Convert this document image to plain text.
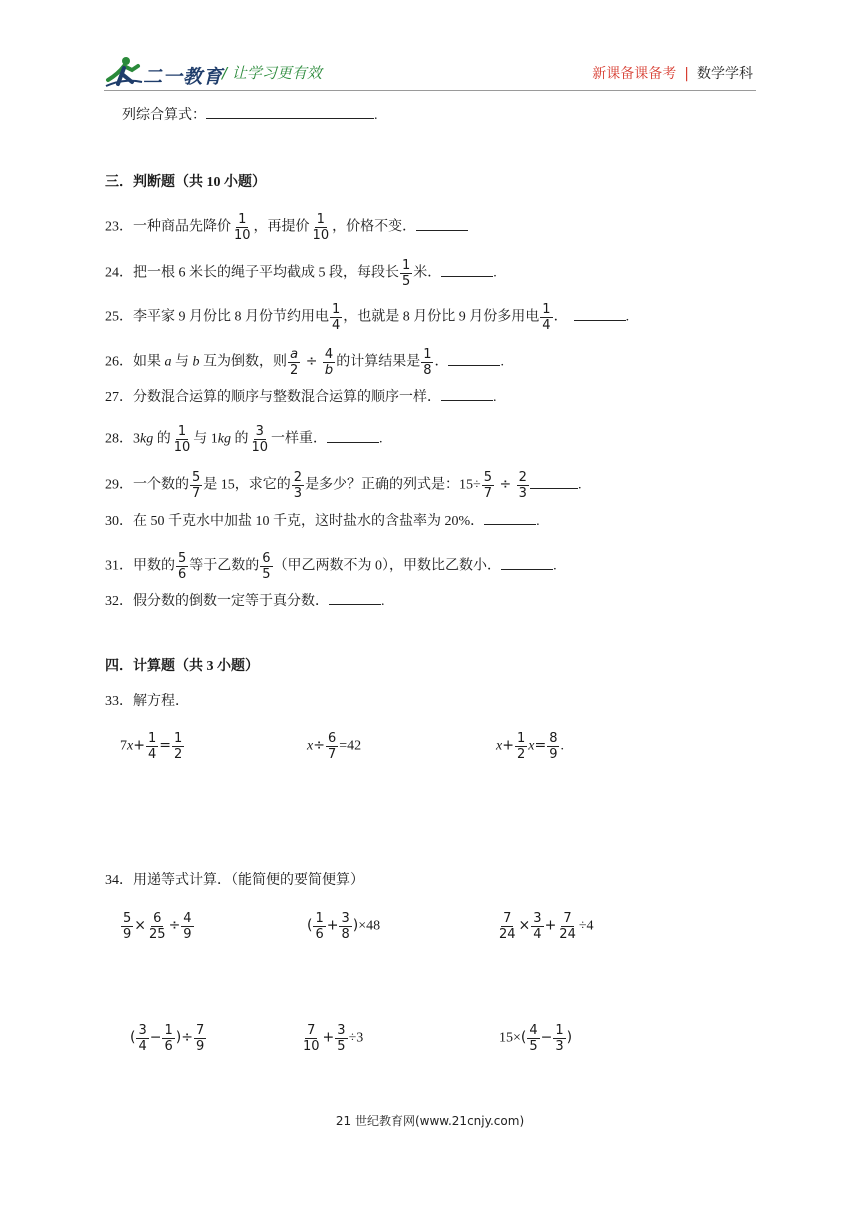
二一教育
/ 让学习更有效	新课备课备考 | 数学学科
列综合算式：	.
三．判断题（共 10 小题）
23．一种商品先降价 $\frac{1}{10}$ ，再提价 $\frac{1}{10}$ ，价格不变．
24．把一根 6 米长的绳子平均截成 5 段，每段长 $\frac{1}{5}$ 米．	.
25．李平家 9 月份比 8 月份节约用电 $\frac{1}{4}$ ，也就是 8 月份比 9 月份多用电 $\frac{1}{4}$ ．	.
26．如果 a 与 b 互为倒数，则 $\frac{a}{2} \div \frac{4}{b}$ 的计算结果是 $\frac{1}{8}$ ．	.
27．分数混合运算的顺序与整数混合运算的顺序一样．	.
28．3kg 的 $\frac{1}{10}$ 与 1kg 的 $\frac{3}{10}$ 一样重．	.
29．一个数的 $\frac{5}{7}$ 是 15，求它的 $\frac{2}{3}$ 是多少？正确的列式是：$15\div \frac{5}{7} \div \frac{2}{3}$	.
30．在 50 千克水中加盐 10 千克，这时盐水的含盐率为 20%．	.
31．甲数的 $\frac{5}{6}$ 等于乙数的 $\frac{6}{5}$ （甲乙两数不为 0），甲数比乙数小．	.
32．假分数的倒数一定等于真分数．	.
四．计算题（共 3 小题）
33．解方程．
$7x+ \frac{1}{4} = \frac{1}{2}$	$x\div \frac{6}{7} =42$	$x+ \frac{1}{2} x= \frac{8}{9}$ .
34．用递等式计算．（能简便的要简便算）
$\frac{5}{9} \times \frac{6}{25} \div \frac{4}{9}$	( $\frac{1}{6} + \frac{3}{8} )\times 48$	$\frac{7}{24} \times \frac{3}{4} + \frac{7}{24} \div 4$
( $\frac{3}{4} - \frac{1}{6}$ )÷ $\frac{7}{9}$	$\frac{7}{10} + \frac{3}{5} \div 3$	$15\times( \frac{4}{5} - \frac{1}{3}$ )
21 世纪教育网(www.21cnjy.com)
